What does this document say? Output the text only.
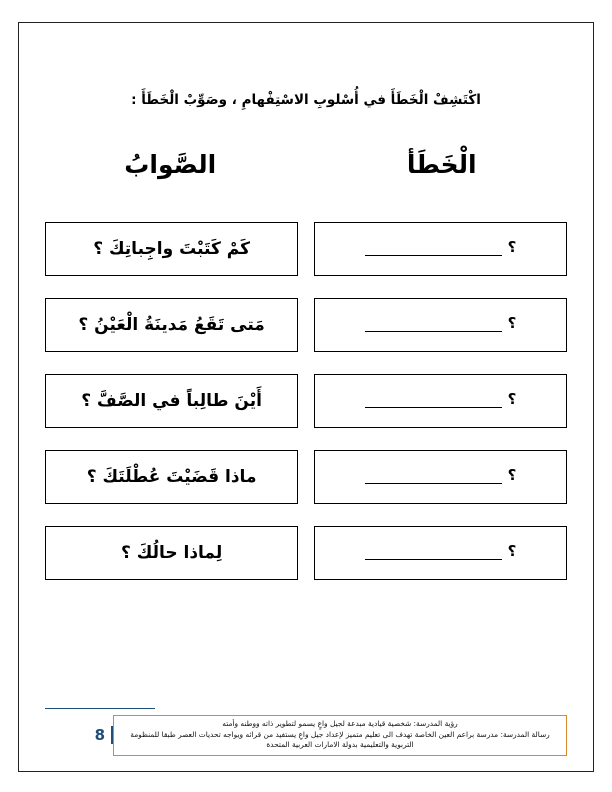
اكْتَشِفْ الْخَطَأَ في أُسْلوبِ الاسْتِفْهامِ ، وصَوِّبْ الْخَطَأَ :
الْخَطَأ
الصَّوابُ
كَمْ كَتَبْتَ واجِباتِكَ ؟	؟
مَتى تَقَعُ مَدينَةُ الْعَيْنُ ؟	؟
أَيْنَ طالِباً في الصَّفَّ ؟	؟
ماذا قَضَيْتَ عُطْلَتَكَ ؟	؟
لِماذا حالُكَ ؟	؟
رؤية المدرسة: شخصية قيادية مبدعة لجيل واعٍ يسمو لتطوير ذاته ووطنه وأمته
رسالة المدرسة: مدرسة براعم العين الخاصة تهدف الى تعليم متميز لإعداد جيل واعٍ يستفيد من قرائه ويواجه تحديات العصر طبقا للمنظومة
التربوية والتعليمية بدولة الامارات العربية المتحدة
8
